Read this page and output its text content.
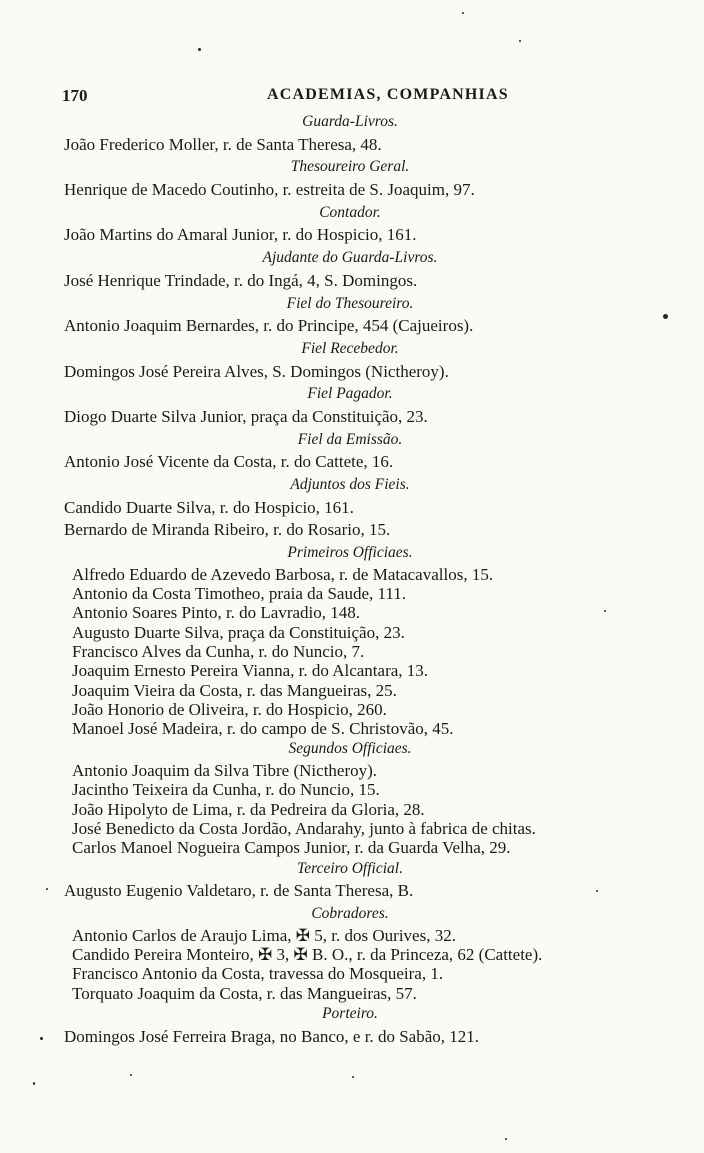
170	ACADEMIAS, COMPANHIAS
Guarda-Livros.
João Frederico Moller, r. de Santa Theresa, 48.
Thesoureiro Geral.
Henrique de Macedo Coutinho, r. estreita de S. Joaquim, 97.
Contador.
João Martins do Amaral Junior, r. do Hospicio, 161.
Ajudante do Guarda-Livros.
José Henrique Trindade, r. do Ingá, 4, S. Domingos.
Fiel do Thesoureiro.
Antonio Joaquim Bernardes, r. do Principe, 454 (Cajueiros).
Fiel Recebedor.
Domingos José Pereira Alves, S. Domingos (Nictheroy).
Fiel Pagador.
Diogo Duarte Silva Junior, praça da Constituição, 23.
Fiel da Emissão.
Antonio José Vicente da Costa, r. do Cattete, 16.
Adjuntos dos Fieis.
Candido Duarte Silva, r. do Hospicio, 161.
Bernardo de Miranda Ribeiro, r. do Rosario, 15.
Primeiros Officiaes.
Alfredo Eduardo de Azevedo Barbosa, r. de Matacavallos, 15.
Antonio da Costa Timotheo, praia da Saude, 111.
Antonio Soares Pinto, r. do Lavradio, 148.
Augusto Duarte Silva, praça da Constituição, 23.
Francisco Alves da Cunha, r. do Nuncio, 7.
Joaquim Ernesto Pereira Vianna, r. do Alcantara, 13.
Joaquim Vieira da Costa, r. das Mangueiras, 25.
João Honorio de Oliveira, r. do Hospicio, 260.
Manoel José Madeira, r. do campo de S. Christovão, 45.
Segundos Officiaes.
Antonio Joaquim da Silva Tibre (Nictheroy).
Jacintho Teixeira da Cunha, r. do Nuncio, 15.
João Hipolyto de Lima, r. da Pedreira da Gloria, 28.
José Benedicto da Costa Jordão, Andarahy, junto à fabrica de chitas.
Carlos Manoel Nogueira Campos Junior, r. da Guarda Velha, 29.
Terceiro Official.
Augusto Eugenio Valdetaro, r. de Santa Theresa, B.
Cobradores.
Antonio Carlos de Araujo Lima, ✠ 5, r. dos Ourives, 32.
Candido Pereira Monteiro, ✠ 3, ✠ B. O., r. da Princeza, 62 (Cattete).
Francisco Antonio da Costa, travessa do Mosqueira, 1.
Torquato Joaquim da Costa, r. das Mangueiras, 57.
Porteiro.
Domingos José Ferreira Braga, no Banco, e r. do Sabão, 121.
